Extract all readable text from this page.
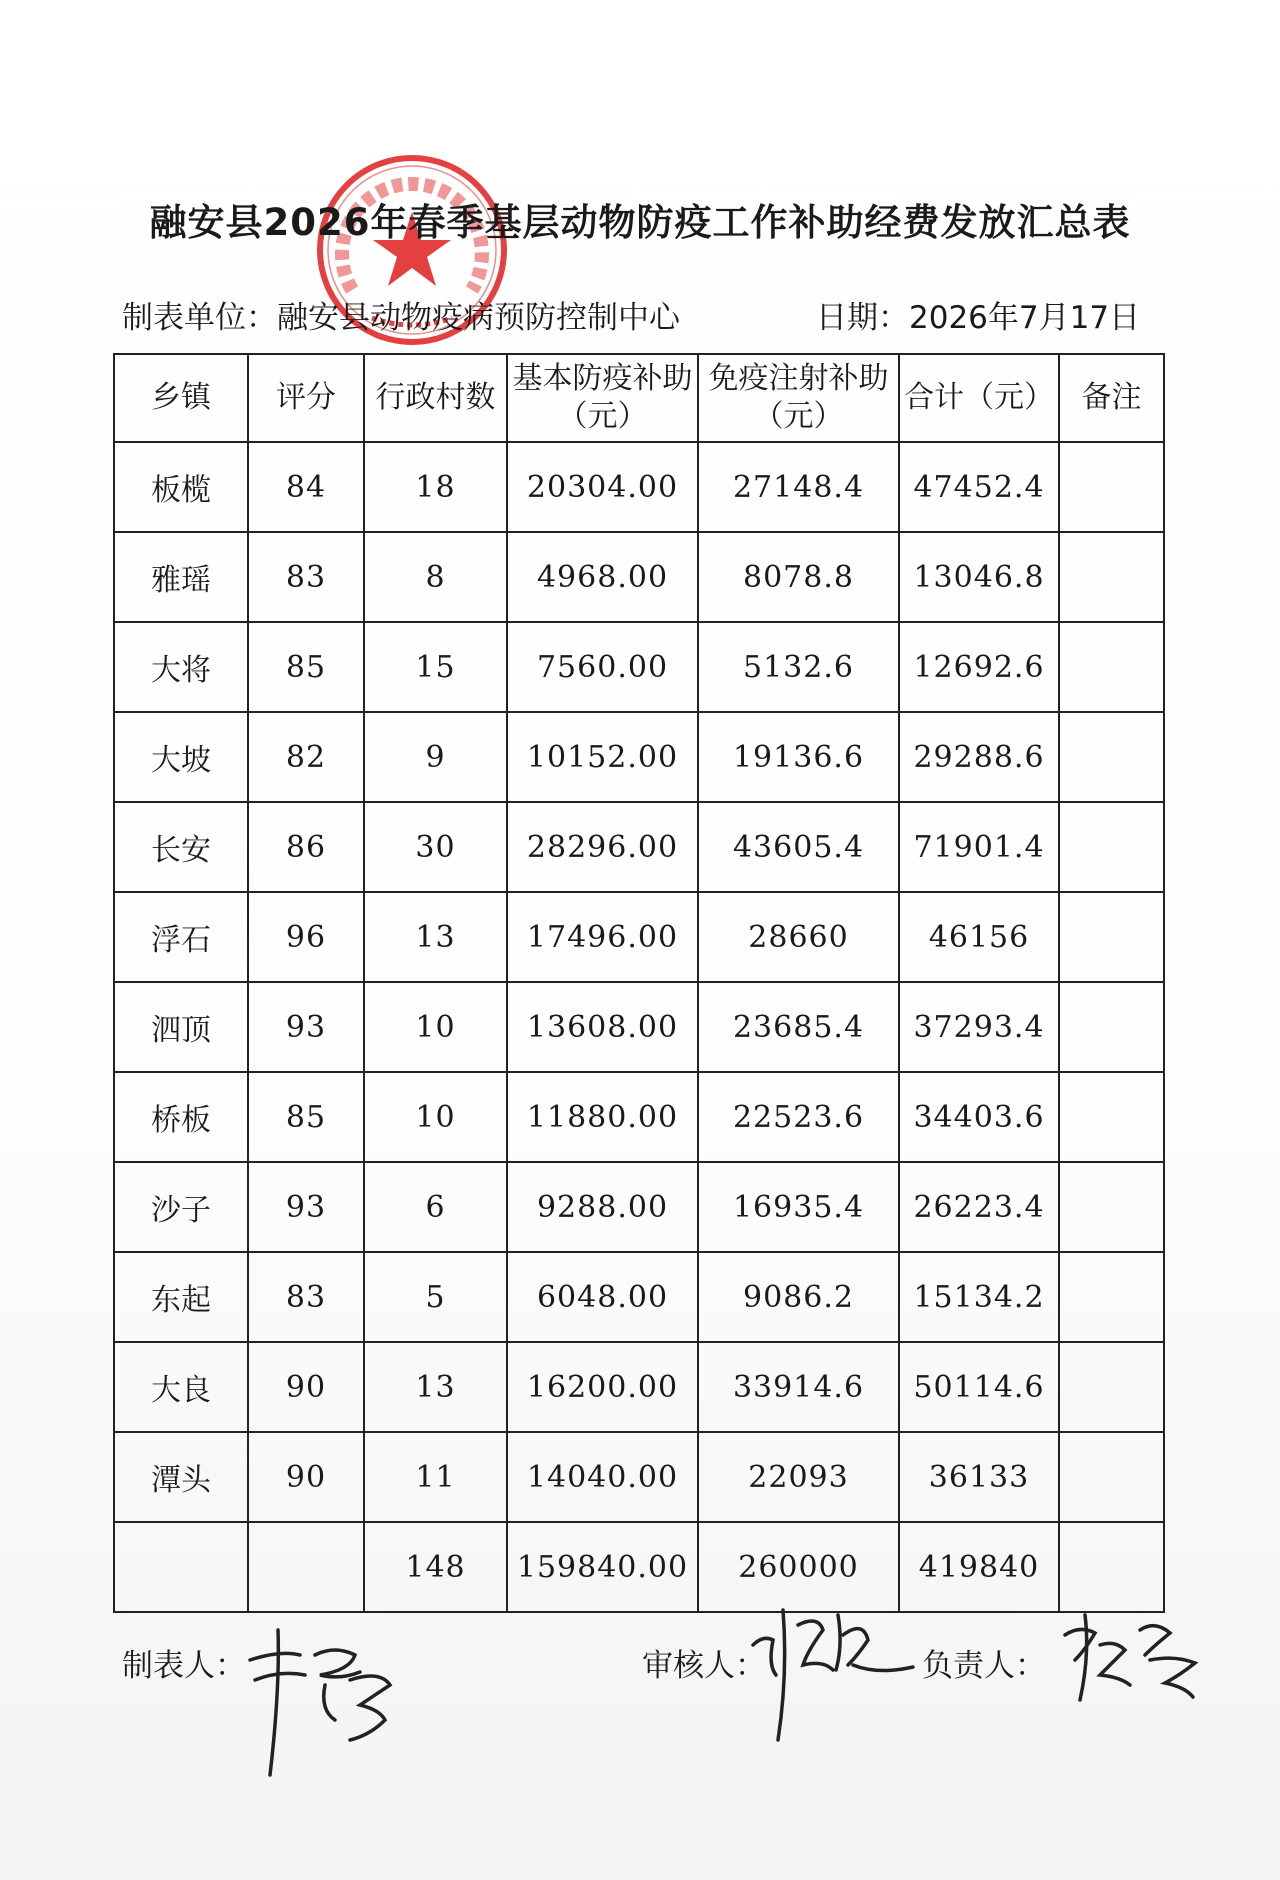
融安县2026年春季基层动物防疫工作补助经费发放汇总表
制表单位：融安县动物疫病预防控制中心	日期：2026年7月17日
乡镇	评分	行政村数	基本防疫补助（元）	免疫注射补助（元）	合计（元）	备注
板榄	84	18	20304.00	27148.4	47452.4	
雅瑶	83	8	4968.00	8078.8	13046.8	
大将	85	15	7560.00	5132.6	12692.6	
大坡	82	9	10152.00	19136.6	29288.6	
长安	86	30	28296.00	43605.4	71901.4	
浮石	96	13	17496.00	28660	46156	
泗顶	93	10	13608.00	23685.4	37293.4	
桥板	85	10	11880.00	22523.6	34403.6	
沙子	93	6	9288.00	16935.4	26223.4	
东起	83	5	6048.00	9086.2	15134.2	
大良	90	13	16200.00	33914.6	50114.6	
潭头	90	11	14040.00	22093	36133	
		148	159840.00	260000	419840	
制表人：	审核人：	负责人：
